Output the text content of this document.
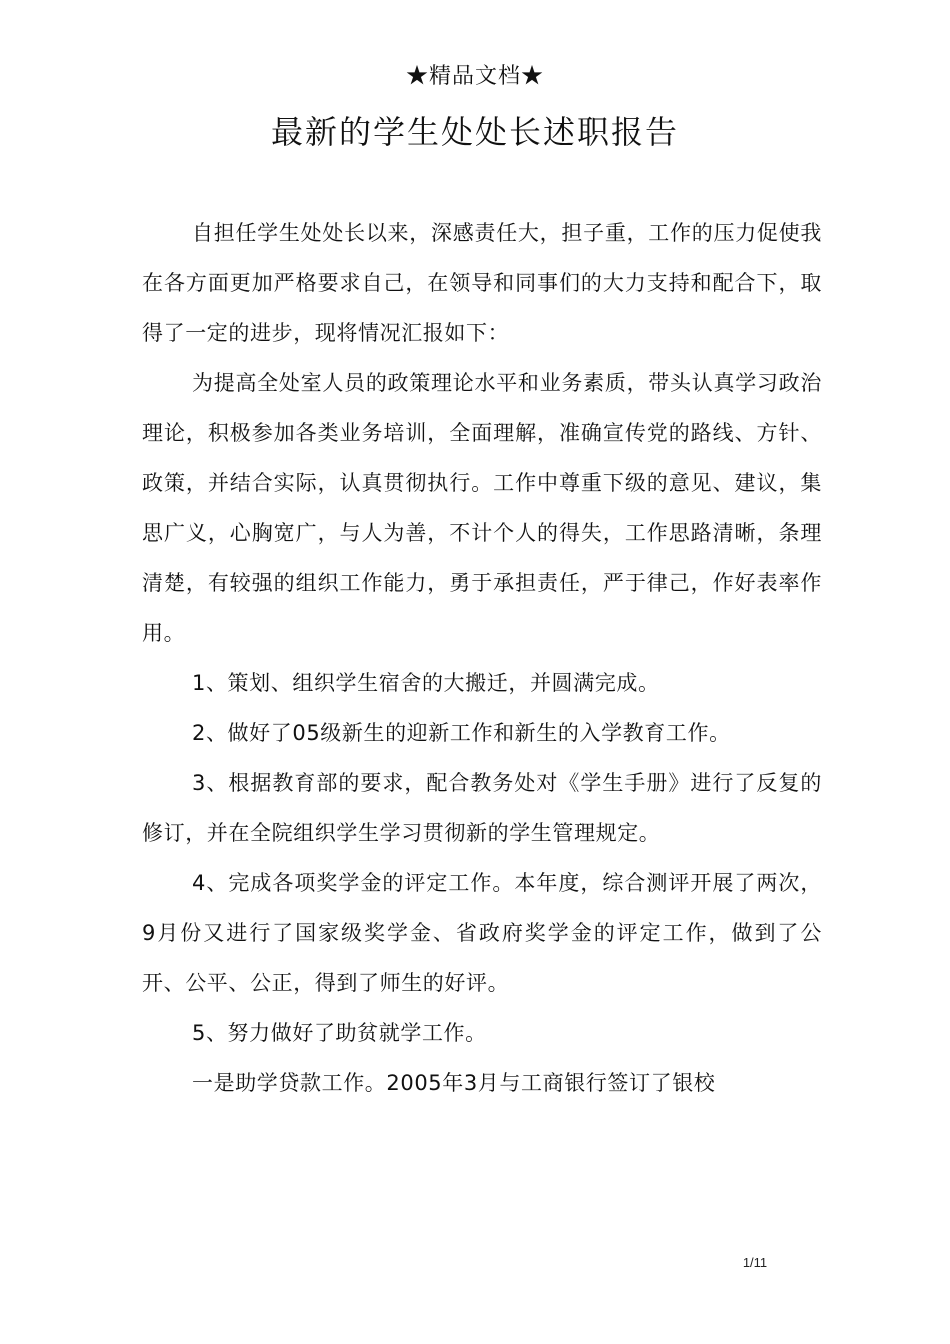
★精品文档★
最新的学生处处长述职报告

自担任学生处处长以来，深感责任大，担子重，工作的压力促使我在各方面更加严格要求自己，在领导和同事们的大力支持和配合下，取得了一定的进步，现将情况汇报如下：

为提高全处室人员的政策理论水平和业务素质，带头认真学习政治理论，积极参加各类业务培训，全面理解，准确宣传党的路线、方针、政策，并结合实际，认真贯彻执行。工作中尊重下级的意见、建议，集思广义，心胸宽广，与人为善，不计个人的得失，工作思路清晰，条理清楚，有较强的组织工作能力，勇于承担责任，严于律己，作好表率作用。

1、策划、组织学生宿舍的大搬迁，并圆满完成。

2、做好了05级新生的迎新工作和新生的入学教育工作。

3、根据教育部的要求，配合教务处对《学生手册》进行了反复的修订，并在全院组织学生学习贯彻新的学生管理规定。

4、完成各项奖学金的评定工作。本年度，综合测评开展了两次，9月份又进行了国家级奖学金、省政府奖学金的评定工作，做到了公开、公平、公正，得到了师生的好评。

5、努力做好了助贫就学工作。

一是助学贷款工作。2005年3月与工商银行签订了银校

1/11
